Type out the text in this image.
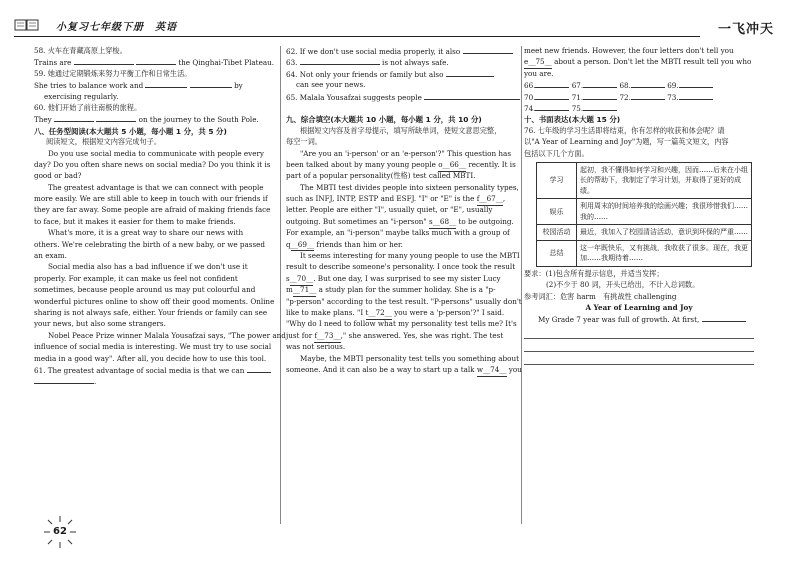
小复习七年级下册　英语	一飞冲天
58. 火车在青藏高原上穿梭。
Trains are	the Qinghai-Tibet Plateau.
59. 她通过定期锻炼来努力平衡工作和日常生活。
She tries to balance work and	by
exercising regularly.
60. 他们开始了前往南极的旅程。
They	on the journey to the South Pole.
八、任务型阅读(本大题共 5 小题，每小题 1 分，共 5 分)
阅读短文，根据短文内容完成句子。
Do you use social media to communicate with people every
day? Do you often share news on social media? Do you think it is
good or bad?
The greatest advantage is that we can connect with people
more easily. We are still able to keep in touch with our friends if
they are far away. Some people are afraid of making friends face
to face, but it makes it easier for them to make friends.
What's more, it is a great way to share our news with
others. We're celebrating the birth of a new baby, or we passed
an exam.
Social media also has a bad influence if we don't use it
properly. For example, it can make us feel not confident
sometimes, because people around us may put colourful and
wonderful pictures online to show off their good moments. Online
sharing is not always safe, either. Your friends or family can see
your news, but also some strangers.
Nobel Peace Prize winner Malala Yousafzai says, "The power and
influence of social media is interesting. We must try to use social
media in a good way". After all, you decide how to use this tool.
61. The greatest advantage of social media is that we can
.
62. If we don't use social media properly, it also
63.	is not always safe.
64. Not only your friends or family but also
can see your news.
65. Malala Yousafzai suggests people
九、综合填空(本大题共 10 小题，每小题 1 分，共 10 分)
根据短文内容及首字母提示，填写所缺单词，使短文意思完整，
每空一词。
"Are you an 'i-person' or an 'e-person'?" This question has
been talked about by many young people o__66__ recently. It is
part of a popular personality(性格) test called MBTI.
The MBTI test divides people into sixteen personality types,
such as INFJ, INTP, ESTP and ESFJ. "I" or "E" is the f__67__,
letter. People are either "I", usually quiet, or "E", usually
outgoing. But sometimes an "i-person" s__68__ to be outgoing.
For example, an "i-person" maybe talks much with a group of
q__69__ friends than him or her.
It seems interesting for many young people to use the MBTI
result to describe someone's personality. I once took the result
s__70__. But one day, I was surprised to see my sister Lucy
m__71__ a study plan for the summer holiday. She is a "p-
"p-person" according to the test result. "P-persons" usually don't
like to make plans. "I t__72__ you were a 'p-person'?" I said.
"Why do I need to follow what my personality test tells me? It's
just for f__73__," she answered. Yes, she was right. The test
was not serious.
Maybe, the MBTI personality test tells you something about
someone. And it can also be a way to start up a talk w__74__ you
meet new friends. However, the four letters don't tell you
e__75__ about a person. Don't let the MBTI result tell you who
you are.
66.	67.	68.	69.
70.	71.	72.	73.
74.	75.
十、书面表达(本大题 15 分)
76. 七年级的学习生活即将结束，你有怎样的收获和体会呢？请
以"A Year of Learning and Joy"为题，写一篇英文短文，内容
包括以下几个方面。
学习	起初，我不懂得如何学习和兴趣，因而……后来在小组长的帮助下，我制定了学习计划，并取得了更好的成绩。
娱乐	利用周末的时间培养我的绘画兴趣；我很珍惜我们……我的……
校园活动	最近，我加入了校园清洁活动，意识到环保的严重……
总结	这一年既快乐，又有挑战，我收获了很多。现在，我更加……我期待着……
要求：(1)包含所有提示信息，并适当发挥；
(2)不少于 80 词，开头已给出，不计入总词数。
参考词汇：危害 harm　有挑战性 challenging
A Year of Learning and Joy
My Grade 7 year was full of growth. At first,
62
